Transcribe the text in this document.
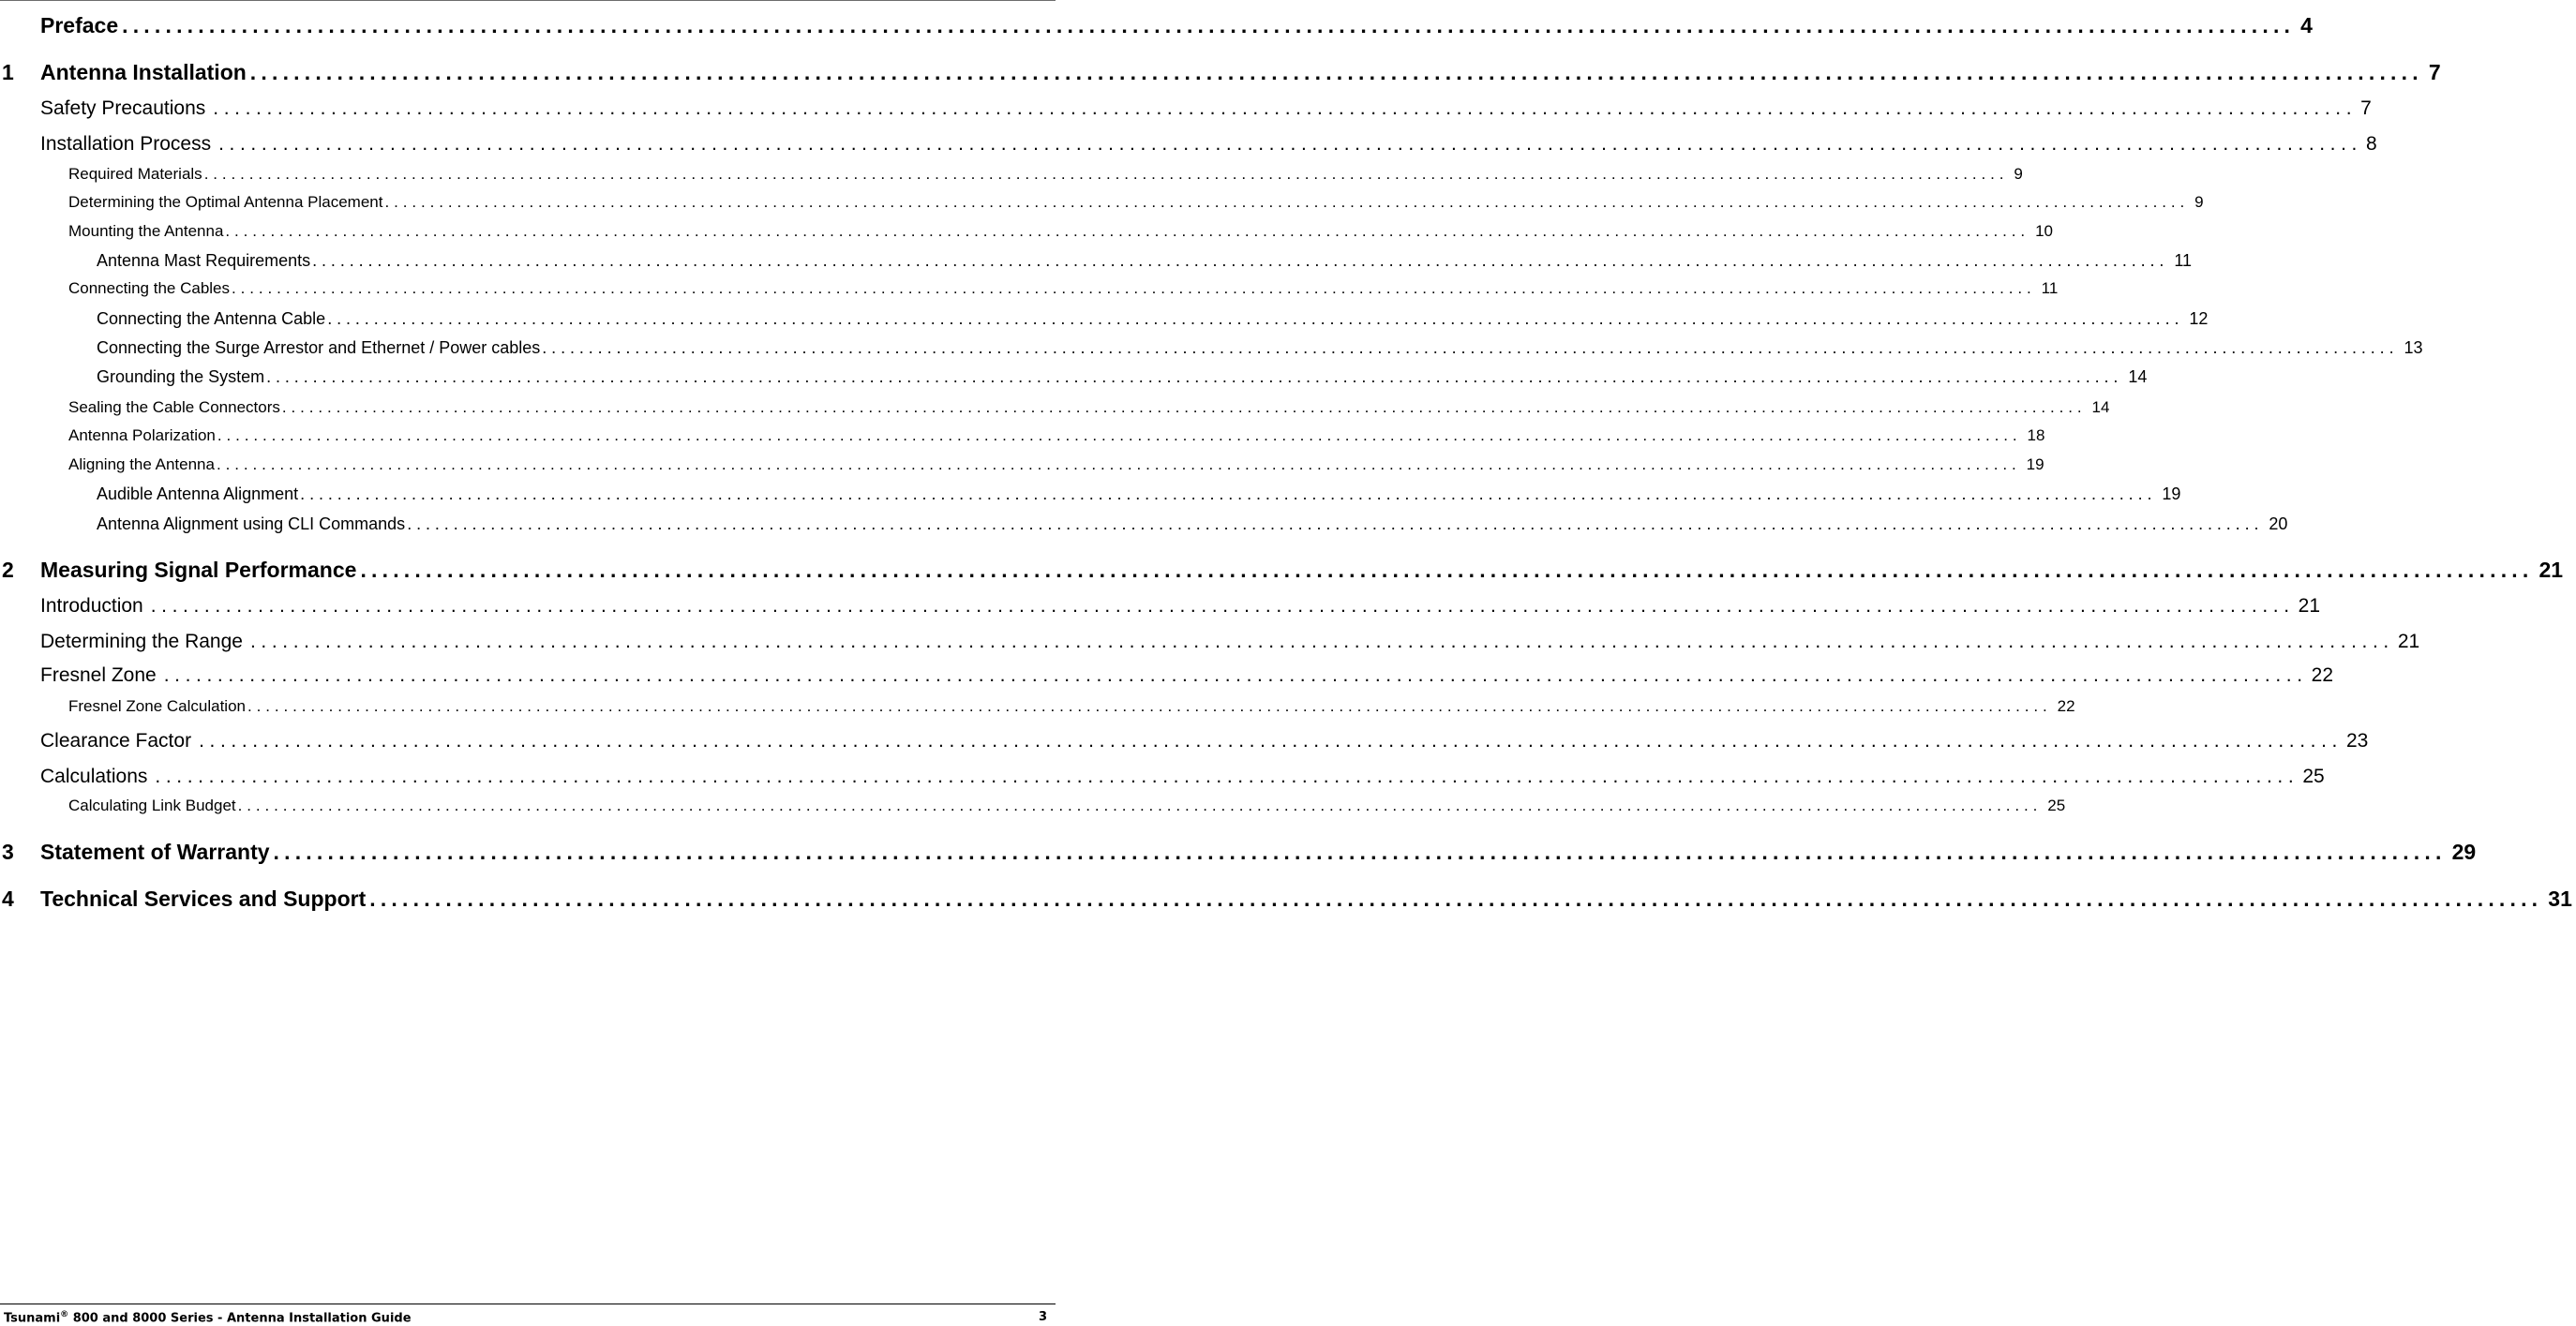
Preface ........................................................................................................................................................................................................ 4
1 Antenna Installation ........................................................................................................................................................................................................ 7
Safety Precautions ........................................................................................................................................................................................................ 7
Installation Process ........................................................................................................................................................................................................ 8
Required Materials ........................................................................................................................................................................................................ 9
Determining the Optimal Antenna Placement ........................................................................................................................................................................................................ 9
Mounting the Antenna ........................................................................................................................................................................................................ 10
Antenna Mast Requirements ........................................................................................................................................................................................................ 11
Connecting the Cables ........................................................................................................................................................................................................ 11
Connecting the Antenna Cable ........................................................................................................................................................................................................ 12
Connecting the Surge Arrestor and Ethernet / Power cables ........................................................................................................................................................................................................ 13
Grounding the System ........................................................................................................................................................................................................ 14
Sealing the Cable Connectors ........................................................................................................................................................................................................ 14
Antenna Polarization ........................................................................................................................................................................................................ 18
Aligning the Antenna ........................................................................................................................................................................................................ 19
Audible Antenna Alignment ........................................................................................................................................................................................................ 19
Antenna Alignment using CLI Commands ........................................................................................................................................................................................................ 20
2 Measuring Signal Performance ........................................................................................................................................................................................................ 21
Introduction ........................................................................................................................................................................................................ 21
Determining the Range ........................................................................................................................................................................................................ 21
Fresnel Zone ........................................................................................................................................................................................................ 22
Fresnel Zone Calculation ........................................................................................................................................................................................................ 22
Clearance Factor ........................................................................................................................................................................................................ 23
Calculations ........................................................................................................................................................................................................ 25
Calculating Link Budget ........................................................................................................................................................................................................ 25
3 Statement of Warranty ........................................................................................................................................................................................................ 29
4 Technical Services and Support ........................................................................................................................................................................................................ 31
Tsunami® 800 and 8000 Series - Antenna Installation Guide	3
